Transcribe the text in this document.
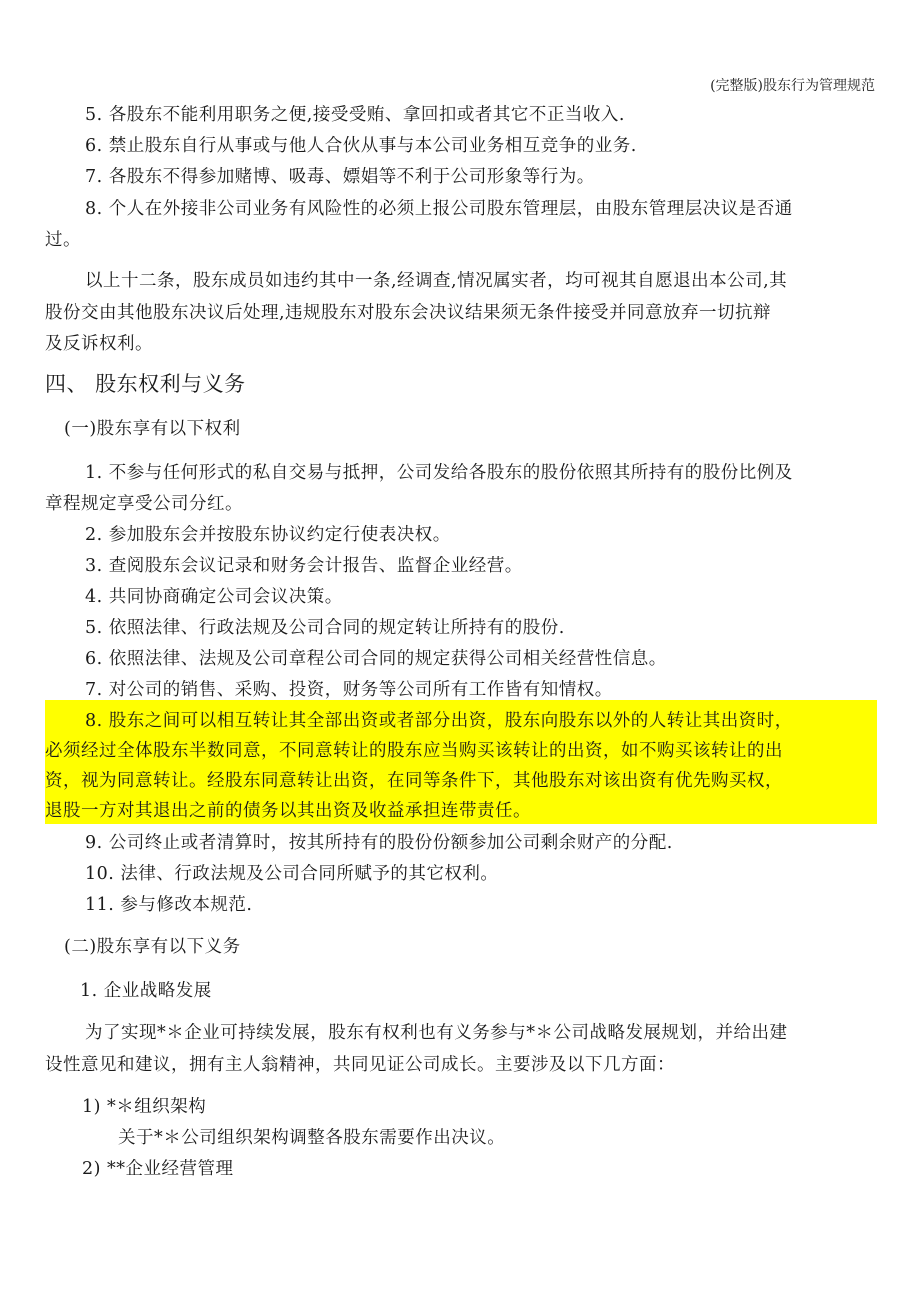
(完整版)股东行为管理规范
5. 各股东不能利用职务之便,接受受贿、拿回扣或者其它不正当收入.
6. 禁止股东自行从事或与他人合伙从事与本公司业务相互竞争的业务.
7. 各股东不得参加赌博、吸毒、嫖娼等不利于公司形象等行为。
8. 个人在外接非公司业务有风险性的必须上报公司股东管理层，由股东管理层决议是否通
过。
以上十二条，股东成员如违约其中一条,经调查,情况属实者，均可视其自愿退出本公司,其
股份交由其他股东决议后处理,违规股东对股东会决议结果须无条件接受并同意放弃一切抗辩
及反诉权利。
四、 股东权利与义务
(一)股东享有以下权利
1. 不参与任何形式的私自交易与抵押，公司发给各股东的股份依照其所持有的股份比例及
章程规定享受公司分红。
2. 参加股东会并按股东协议约定行使表决权。
3. 查阅股东会议记录和财务会计报告、监督企业经营。
4. 共同协商确定公司会议决策。
5. 依照法律、行政法规及公司合同的规定转让所持有的股份.
6. 依照法律、法规及公司章程公司合同的规定获得公司相关经营性信息。
7. 对公司的销售、采购、投资，财务等公司所有工作皆有知情权。
8. 股东之间可以相互转让其全部出资或者部分出资，股东向股东以外的人转让其出资时，
必须经过全体股东半数同意，不同意转让的股东应当购买该转让的出资，如不购买该转让的出
资，视为同意转让。经股东同意转让出资，在同等条件下，其他股东对该出资有优先购买权，
退股一方对其退出之前的债务以其出资及收益承担连带责任。
9. 公司终止或者清算时，按其所持有的股份份额参加公司剩余财产的分配.
10. 法律、行政法规及公司合同所赋予的其它权利。
11. 参与修改本规范.
(二)股东享有以下义务
1. 企业战略发展
为了实现*＊企业可持续发展，股东有权利也有义务参与*＊公司战略发展规划，并给出建
设性意见和建议，拥有主人翁精神，共同见证公司成长。主要涉及以下几方面：
1) *＊组织架构
关于*＊公司组织架构调整各股东需要作出决议。
2) **企业经营管理
